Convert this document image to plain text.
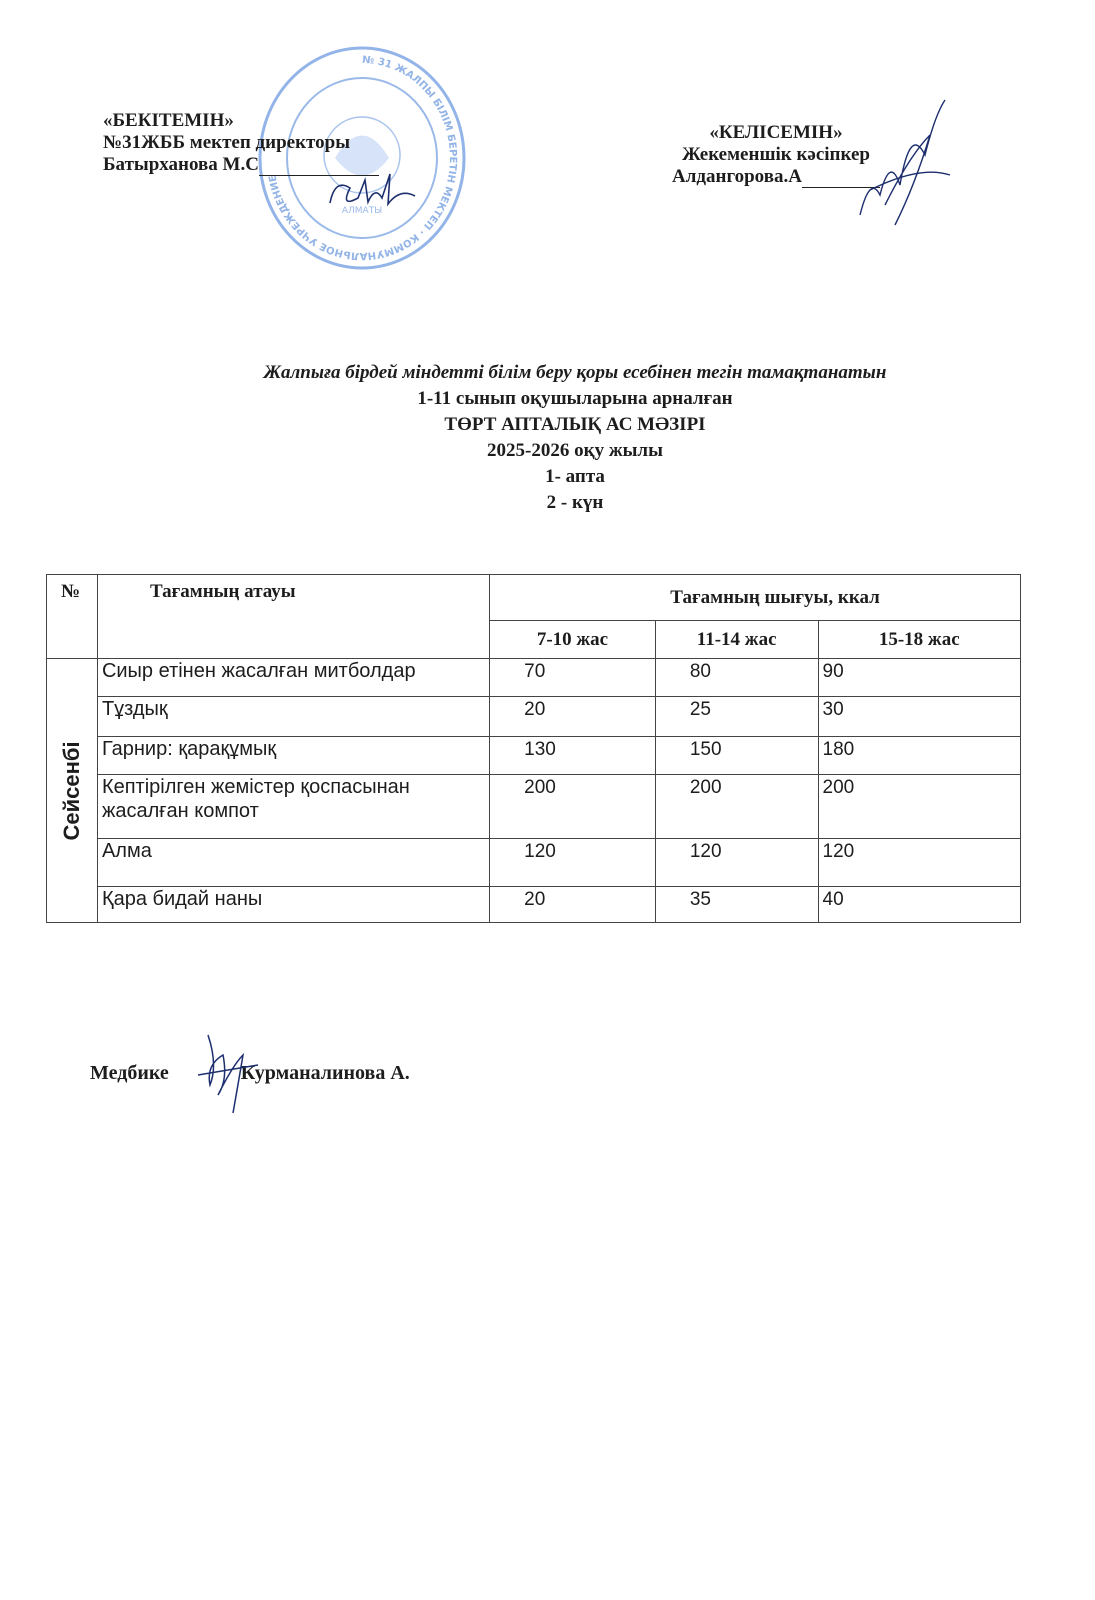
№ 31 ЖАЛПЫ БІЛІМ БЕРЕТІН МЕКТЕП · КОММУНАЛЬНОЕ УЧРЕЖДЕНИЕ
АЛМАТЫ
«БЕКІТЕМІН»
№31ЖББ мектеп директоры
Батырханова М.С
«КЕЛІСЕМІН»
Жекеменшік кәсіпкер
Алдангорова.А
Жалпыға бірдей міндетті білім беру қоры есебінен тегін тамақтанатын
1-11 сынып оқушыларына арналған
ТӨРТ АПТАЛЫҚ АС МӘЗІРІ
2025-2026 оқу жылы
1- апта
2 - күн
№	Тағамның атауы	Тағамның шығуы, ккал		
		7-10 жас	11-14 жас	15-18 жас

Сейсенбі	Сиыр етінен жасалған митболдар	70	80	90
	Тұздық	20	25	30
	Гарнир: қарақұмық	130	150	180
	Кептірілген жемістер қоспасынан жасалған компот	200	200	200
	Алма	120	120	120
	Қара бидай наны	20	35	40
Медбике	Курманалинова А.
